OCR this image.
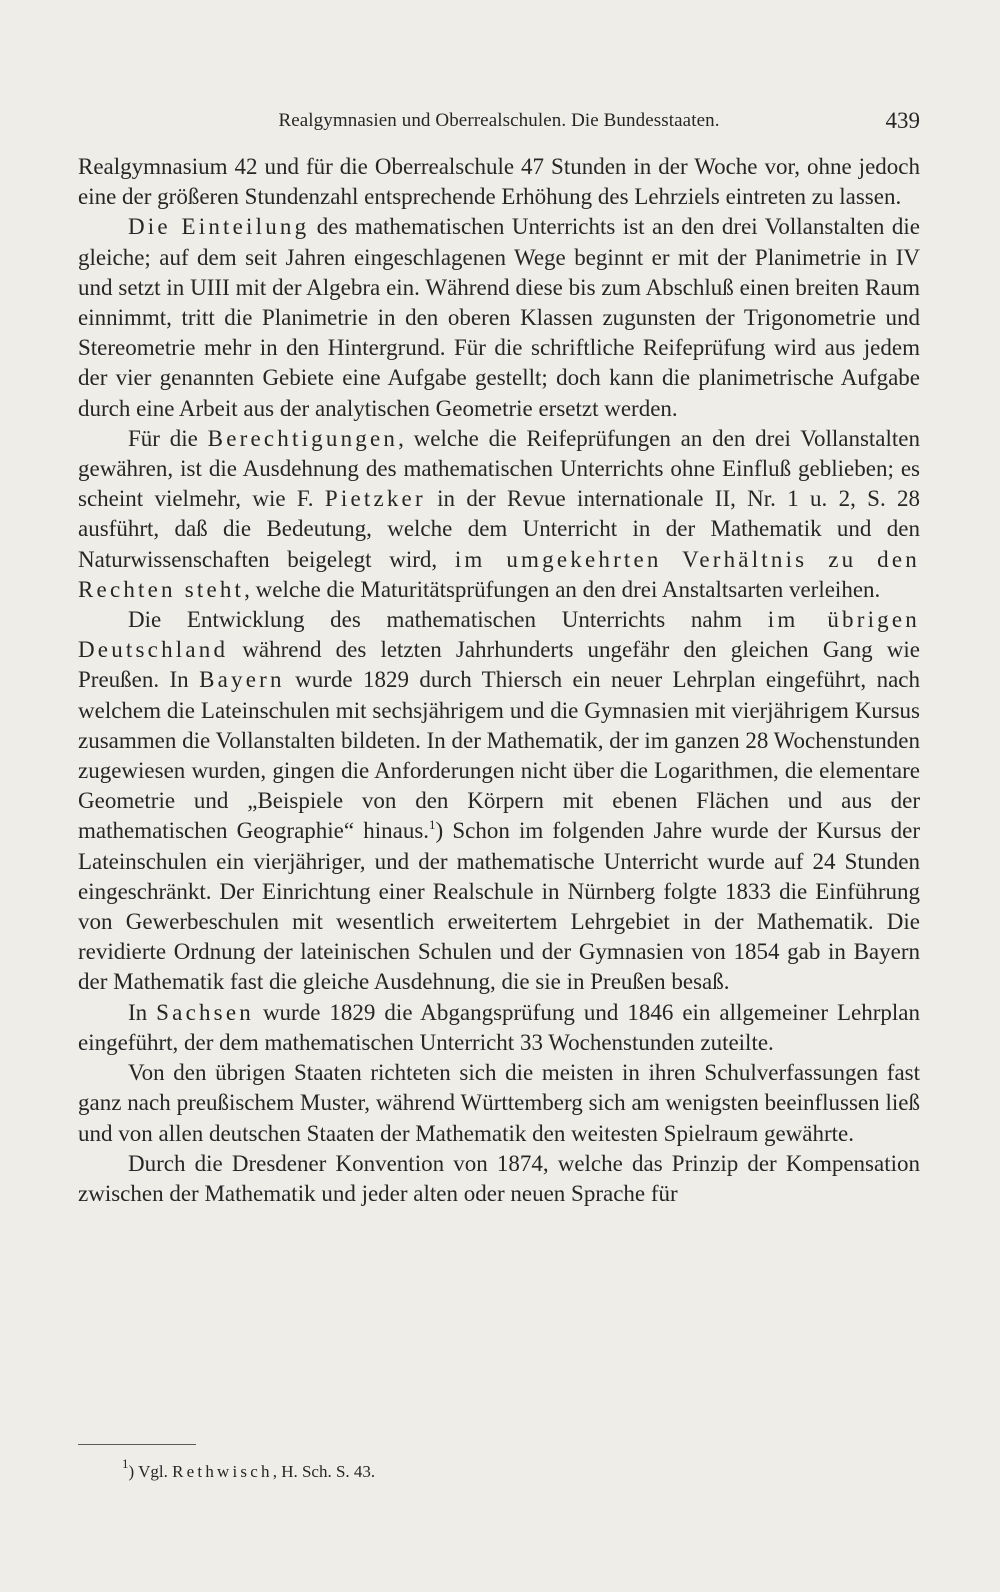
Realgymnasien und Oberrealschulen. Die Bundesstaaten.	439

Realgymnasium 42 und für die Oberrealschule 47 Stunden in der Woche vor, ohne jedoch eine der größeren Stundenzahl entsprechende Erhöhung des Lehrziels eintreten zu lassen.

Die Einteilung des mathematischen Unterrichts ist an den drei Vollanstalten die gleiche; auf dem seit Jahren eingeschlagenen Wege beginnt er mit der Planimetrie in IV und setzt in UIII mit der Algebra ein. Während diese bis zum Abschluß einen breiten Raum einnimmt, tritt die Planimetrie in den oberen Klassen zugunsten der Trigonometrie und Stereometrie mehr in den Hintergrund. Für die schriftliche Reifeprüfung wird aus jedem der vier genannten Gebiete eine Aufgabe gestellt; doch kann die planimetrische Aufgabe durch eine Arbeit aus der analytischen Geometrie ersetzt werden.

Für die Berechtigungen, welche die Reifeprüfungen an den drei Vollanstalten gewähren, ist die Ausdehnung des mathematischen Unterrichts ohne Einfluß geblieben; es scheint vielmehr, wie F. Pietzker in der Revue internationale II, Nr. 1 u. 2, S. 28 ausführt, daß die Bedeutung, welche dem Unterricht in der Mathematik und den Naturwissenschaften beigelegt wird, im umgekehrten Verhältnis zu den Rechten steht, welche die Maturitätsprüfungen an den drei Anstaltsarten verleihen.

Die Entwicklung des mathematischen Unterrichts nahm im übrigen Deutschland während des letzten Jahrhunderts ungefähr den gleichen Gang wie Preußen. In Bayern wurde 1829 durch Thiersch ein neuer Lehrplan eingeführt, nach welchem die Lateinschulen mit sechsjährigem und die Gymnasien mit vierjährigem Kursus zusammen die Vollanstalten bildeten. In der Mathematik, der im ganzen 28 Wochenstunden zugewiesen wurden, gingen die Anforderungen nicht über die Logarithmen, die elementare Geometrie und „Beispiele von den Körpern mit ebenen Flächen und aus der mathematischen Geographie“ hinaus.$^1$) Schon im folgenden Jahre wurde der Kursus der Lateinschulen ein vierjähriger, und der mathematische Unterricht wurde auf 24 Stunden eingeschränkt. Der Einrichtung einer Realschule in Nürnberg folgte 1833 die Einführung von Gewerbeschulen mit wesentlich erweitertem Lehrgebiet in der Mathematik. Die revidierte Ordnung der lateinischen Schulen und der Gymnasien von 1854 gab in Bayern der Mathematik fast die gleiche Ausdehnung, die sie in Preußen besaß.

In Sachsen wurde 1829 die Abgangsprüfung und 1846 ein allgemeiner Lehrplan eingeführt, der dem mathematischen Unterricht 33 Wochenstunden zuteilte.

Von den übrigen Staaten richteten sich die meisten in ihren Schulverfassungen fast ganz nach preußischem Muster, während Württemberg sich am wenigsten beeinflussen ließ und von allen deutschen Staaten der Mathematik den weitesten Spielraum gewährte.

Durch die Dresdener Konvention von 1874, welche das Prinzip der Kompensation zwischen der Mathematik und jeder alten oder neuen Sprache für

$^1$) Vgl. Rethwisch, H. Sch. S. 43.
